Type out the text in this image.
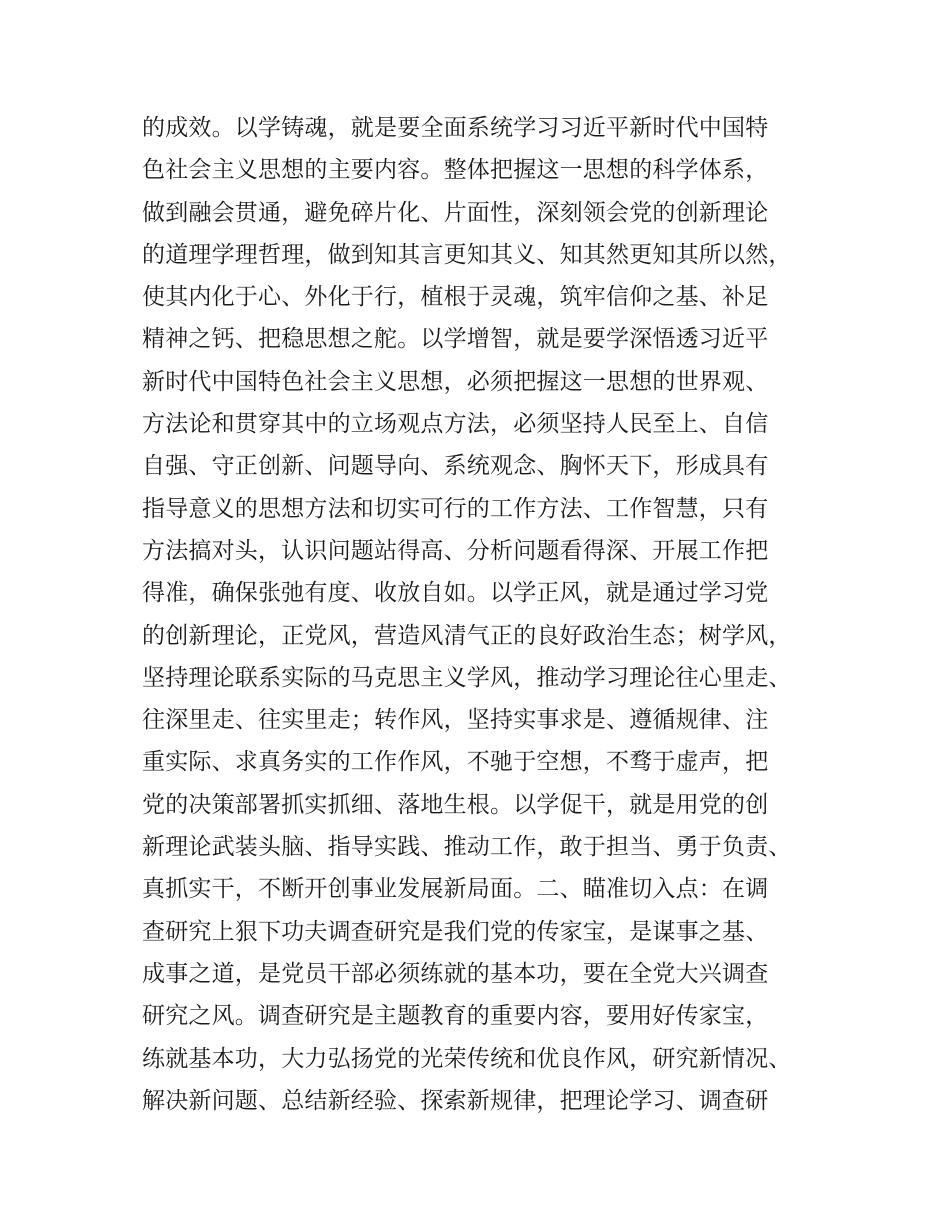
的成效。以学铸魂，就是要全面系统学习习近平新时代中国特
色社会主义思想的主要内容。整体把握这一思想的科学体系，
做到融会贯通，避免碎片化、片面性，深刻领会党的创新理论
的道理学理哲理，做到知其言更知其义、知其然更知其所以然，
使其内化于心、外化于行，植根于灵魂，筑牢信仰之基、补足
精神之钙、把稳思想之舵。以学增智，就是要学深悟透习近平
新时代中国特色社会主义思想，必须把握这一思想的世界观、
方法论和贯穿其中的立场观点方法，必须坚持人民至上、自信
自强、守正创新、问题导向、系统观念、胸怀天下，形成具有
指导意义的思想方法和切实可行的工作方法、工作智慧，只有
方法搞对头，认识问题站得高、分析问题看得深、开展工作把
得准，确保张弛有度、收放自如。以学正风，就是通过学习党
的创新理论，正党风，营造风清气正的良好政治生态；树学风，
坚持理论联系实际的马克思主义学风，推动学习理论往心里走、
往深里走、往实里走；转作风，坚持实事求是、遵循规律、注
重实际、求真务实的工作作风，不驰于空想，不骛于虚声，把
党的决策部署抓实抓细、落地生根。以学促干，就是用党的创
新理论武装头脑、指导实践、推动工作，敢于担当、勇于负责、
真抓实干，不断开创事业发展新局面。二、瞄准切入点：在调
查研究上狠下功夫调查研究是我们党的传家宝，是谋事之基、
成事之道，是党员干部必须练就的基本功，要在全党大兴调查
研究之风。调查研究是主题教育的重要内容，要用好传家宝，
练就基本功，大力弘扬党的光荣传统和优良作风，研究新情况、
解决新问题、总结新经验、探索新规律，把理论学习、调查研
